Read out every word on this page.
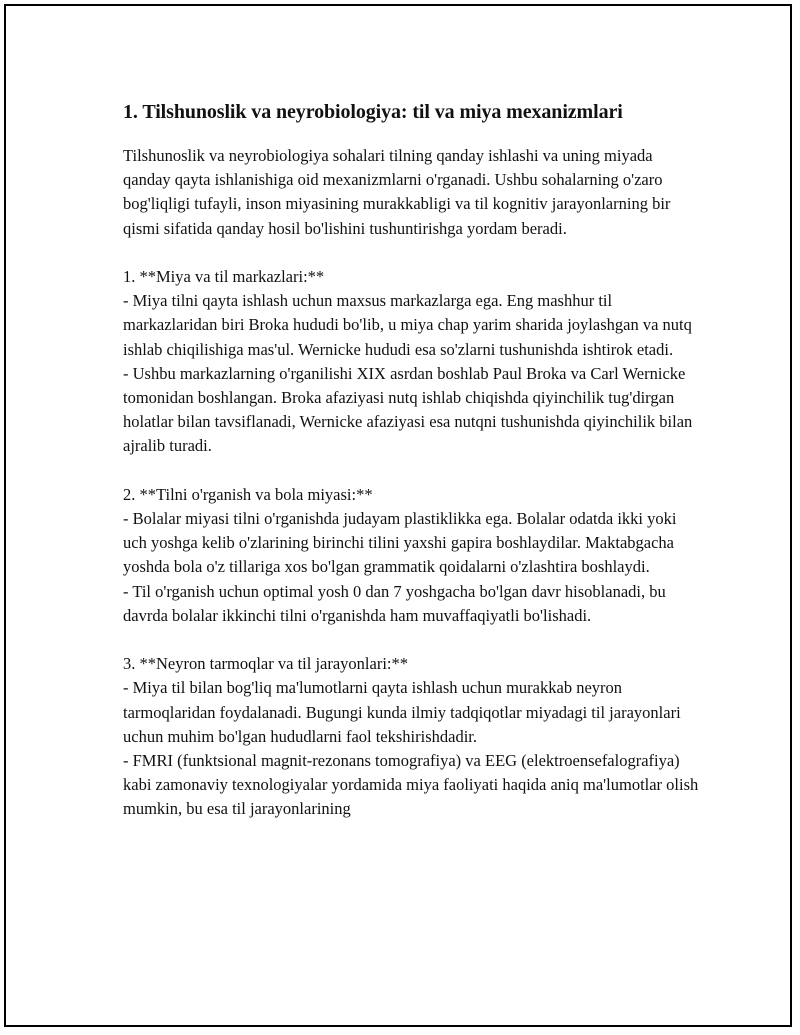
1. Tilshunoslik va neyrobiologiya: til va miya mexanizmlari

Tilshunoslik va neyrobiologiya sohalari tilning qanday ishlashi va uning miyada qanday qayta ishlanishiga oid mexanizmlarni o'rganadi. Ushbu sohalarning o'zaro bog'liqligi tufayli, inson miyasining murakkabligi va til kognitiv jarayonlarning bir qismi sifatida qanday hosil bo'lishini tushuntirishga yordam beradi.

1. **Miya va til markazlari:**

- Miya tilni qayta ishlash uchun maxsus markazlarga ega. Eng mashhur til markazlaridan biri Broka hududi bo'lib, u miya chap yarim sharida joylashgan va nutq ishlab chiqilishiga mas'ul. Wernicke hududi esa so'zlarni tushunishda ishtirok etadi.

- Ushbu markazlarning o'rganilishi XIX asrdan boshlab Paul Broka va Carl Wernicke tomonidan boshlangan. Broka afaziyasi nutq ishlab chiqishda qiyinchilik tug'dirgan holatlar bilan tavsiflanadi, Wernicke afaziyasi esa nutqni tushunishda qiyinchilik bilan ajralib turadi.

2. **Tilni o'rganish va bola miyasi:**

- Bolalar miyasi tilni o'rganishda judayam plastiklikka ega. Bolalar odatda ikki yoki uch yoshga kelib o'zlarining birinchi tilini yaxshi gapira boshlaydilar. Maktabgacha yoshda bola o'z tillariga xos bo'lgan grammatik qoidalarni o'zlashtira boshlaydi.

- Til o'rganish uchun optimal yosh 0 dan 7 yoshgacha bo'lgan davr hisoblanadi, bu davrda bolalar ikkinchi tilni o'rganishda ham muvaffaqiyatli bo'lishadi.

3. **Neyron tarmoqlar va til jarayonlari:**

- Miya til bilan bog'liq ma'lumotlarni qayta ishlash uchun murakkab neyron tarmoqlaridan foydalanadi. Bugungi kunda ilmiy tadqiqotlar miyadagi til jarayonlari uchun muhim bo'lgan hududlarni faol tekshirishdadir.

- FMRI (funktsional magnit-rezonans tomografiya) va EEG (elektroensefalografiya) kabi zamonaviy texnologiyalar yordamida miya faoliyati haqida aniq ma'lumotlar olish mumkin, bu esa til jarayonlarining
